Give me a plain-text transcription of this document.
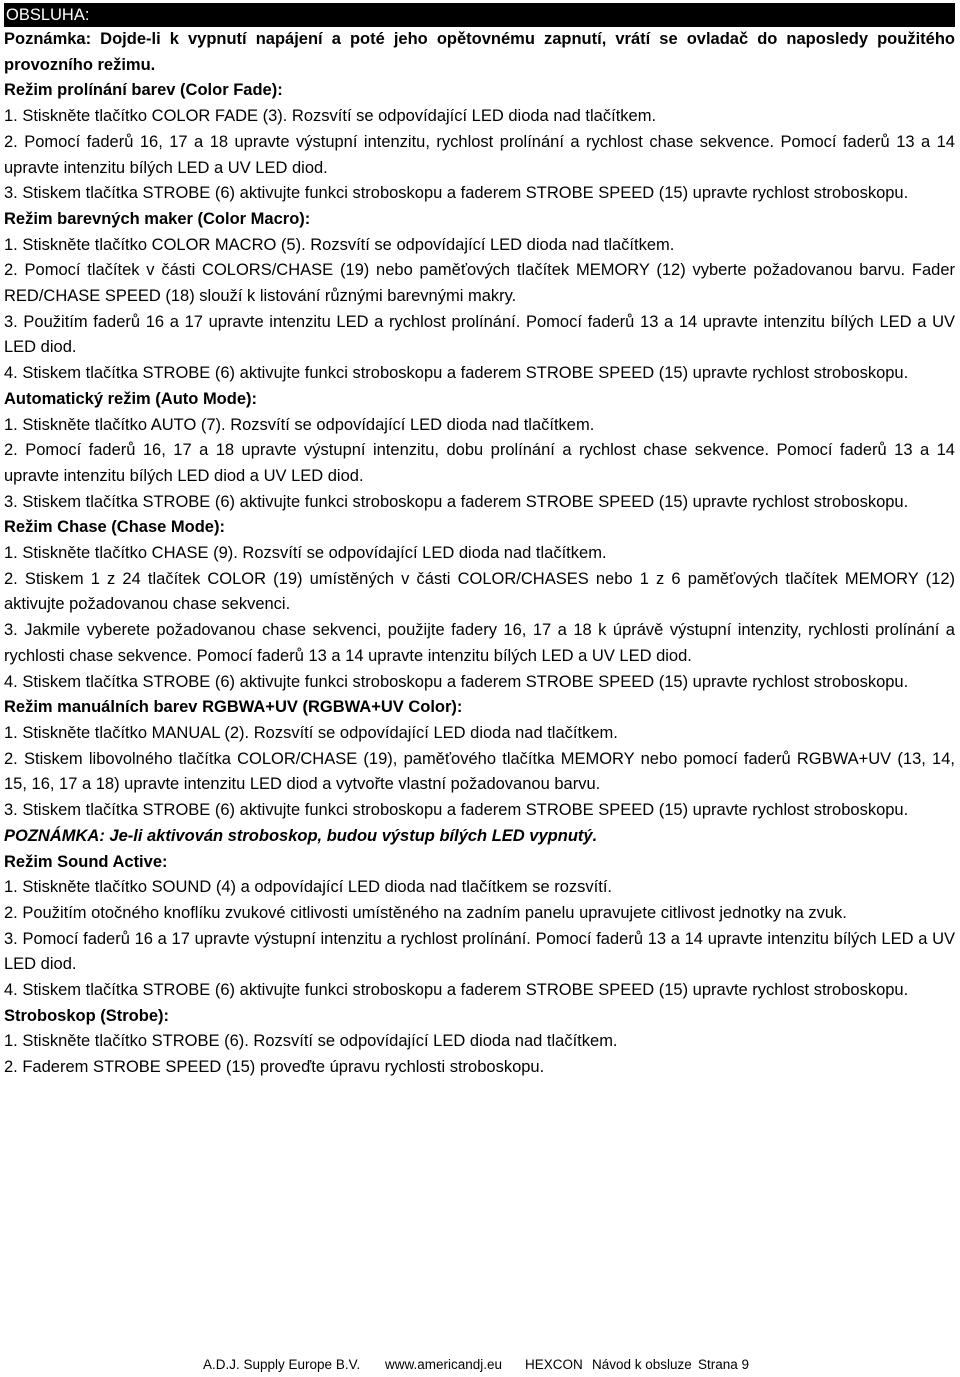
OBSLUHA:

Poznámka: Dojde-li k vypnutí napájení a poté jeho opětovnému zapnutí, vrátí se ovladač do naposledy použitého provozního režimu.

Režim prolínání barev (Color Fade):

1. Stiskněte tlačítko COLOR FADE (3). Rozsvítí se odpovídající LED dioda nad tlačítkem.

2. Pomocí faderů 16, 17 a 18 upravte výstupní intenzitu, rychlost prolínání a rychlost chase sekvence. Pomocí faderů 13 a 14 upravte intenzitu bílých LED a UV LED diod.

3. Stiskem tlačítka STROBE (6) aktivujte funkci stroboskopu a faderem STROBE SPEED (15) upravte rychlost stroboskopu.

Režim barevných maker (Color Macro):

1. Stiskněte tlačítko COLOR MACRO (5). Rozsvítí se odpovídající LED dioda nad tlačítkem.

2. Pomocí tlačítek v části COLORS/CHASE (19) nebo paměťových tlačítek MEMORY (12) vyberte požadovanou barvu. Fader RED/CHASE SPEED (18) slouží k listování různými barevnými makry.

3. Použitím faderů 16 a 17 upravte intenzitu LED a rychlost prolínání. Pomocí faderů 13 a 14 upravte intenzitu bílých LED a UV LED diod.

4. Stiskem tlačítka STROBE (6) aktivujte funkci stroboskopu a faderem STROBE SPEED (15) upravte rychlost stroboskopu.

Automatický režim (Auto Mode):

1. Stiskněte tlačítko AUTO (7). Rozsvítí se odpovídající LED dioda nad tlačítkem.

2. Pomocí faderů 16, 17 a 18 upravte výstupní intenzitu, dobu prolínání a rychlost chase sekvence. Pomocí faderů 13 a 14 upravte intenzitu bílých LED diod a UV LED diod.

3. Stiskem tlačítka STROBE (6) aktivujte funkci stroboskopu a faderem STROBE SPEED (15) upravte rychlost stroboskopu.

Režim Chase (Chase Mode):

1. Stiskněte tlačítko CHASE (9). Rozsvítí se odpovídající LED dioda nad tlačítkem.

2. Stiskem 1 z 24 tlačítek COLOR (19) umístěných v části COLOR/CHASES nebo 1 z 6 paměťových tlačítek MEMORY (12) aktivujte požadovanou chase sekvenci.

3. Jakmile vyberete požadovanou chase sekvenci, použijte fadery 16, 17 a 18 k úprávě výstupní intenzity, rychlosti prolínání a rychlosti chase sekvence. Pomocí faderů 13 a 14 upravte intenzitu bílých LED a UV LED diod.

4. Stiskem tlačítka STROBE (6) aktivujte funkci stroboskopu a faderem STROBE SPEED (15) upravte rychlost stroboskopu.

Režim manuálních barev RGBWA+UV (RGBWA+UV Color):

1. Stiskněte tlačítko MANUAL (2). Rozsvítí se odpovídající LED dioda nad tlačítkem.

2. Stiskem libovolného tlačítka COLOR/CHASE (19), paměťového tlačítka MEMORY nebo pomocí faderů RGBWA+UV (13, 14, 15, 16, 17 a 18) upravte intenzitu LED diod a vytvořte vlastní požadovanou barvu.

3. Stiskem tlačítka STROBE (6) aktivujte funkci stroboskopu a faderem STROBE SPEED (15) upravte rychlost stroboskopu.

POZNÁMKA: Je-li aktivován stroboskop, budou výstup bílých LED vypnutý.

Režim Sound Active:

1. Stiskněte tlačítko SOUND (4) a odpovídající LED dioda nad tlačítkem se rozsvítí.

2. Použitím otočného knoflíku zvukové citlivosti umístěného na zadním panelu upravujete citlivost jednotky na zvuk.

3. Pomocí faderů 16 a 17 upravte výstupní intenzitu a rychlost prolínání. Pomocí faderů 13 a 14 upravte intenzitu bílých LED a UV LED diod.

4. Stiskem tlačítka STROBE (6) aktivujte funkci stroboskopu a faderem STROBE SPEED (15) upravte rychlost stroboskopu.

Stroboskop (Strobe):

1. Stiskněte tlačítko STROBE (6). Rozsvítí se odpovídající LED dioda nad tlačítkem.

2. Faderem STROBE SPEED (15) proveďte úpravu rychlosti stroboskopu.

A.D.J. Supply Europe B.V. www.americandj.eu HEXCON Návod k obsluze Strana 9
